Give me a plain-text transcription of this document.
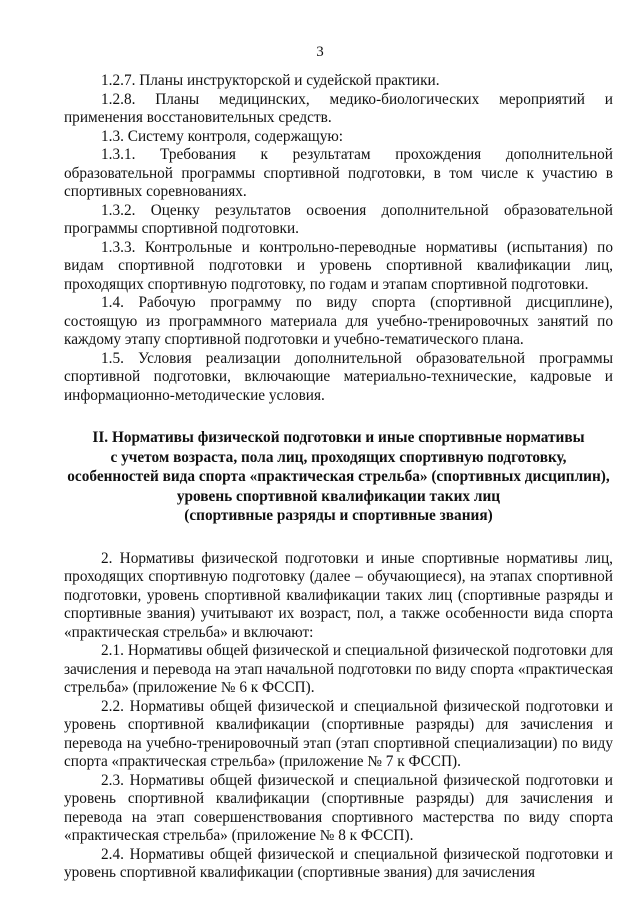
3

1.2.7. Планы инструкторской и судейской практики.

1.2.8. Планы медицинских, медико-биологических мероприятий и применения восстановительных средств.

1.3. Систему контроля, содержащую:

1.3.1. Требования к результатам прохождения дополнительной образовательной программы спортивной подготовки, в том числе к участию в спортивных соревнованиях.

1.3.2. Оценку результатов освоения дополнительной образовательной программы спортивной подготовки.

1.3.3. Контрольные и контрольно-переводные нормативы (испытания) по видам спортивной подготовки и уровень спортивной квалификации лиц, проходящих спортивную подготовку, по годам и этапам спортивной подготовки.

1.4. Рабочую программу по виду спорта (спортивной дисциплине), состоящую из программного материала для учебно-тренировочных занятий по каждому этапу спортивной подготовки и учебно-тематического плана.

1.5. Условия реализации дополнительной образовательной программы спортивной подготовки, включающие материально-технические, кадровые и информационно-методические условия.

II. Нормативы физической подготовки и иные спортивные нормативы
с учетом возраста, пола лиц, проходящих спортивную подготовку,
особенностей вида спорта «практическая стрельба» (спортивных дисциплин),
уровень спортивной квалификации таких лиц
(спортивные разряды и спортивные звания)

2. Нормативы физической подготовки и иные спортивные нормативы лиц, проходящих спортивную подготовку (далее – обучающиеся), на этапах спортивной подготовки, уровень спортивной квалификации таких лиц (спортивные разряды и спортивные звания) учитывают их возраст, пол, а также особенности вида спорта «практическая стрельба» и включают:

2.1. Нормативы общей физической и специальной физической подготовки для зачисления и перевода на этап начальной подготовки по виду спорта «практическая стрельба» (приложение № 6 к ФССП).

2.2. Нормативы общей физической и специальной физической подготовки и уровень спортивной квалификации (спортивные разряды) для зачисления и перевода на учебно-тренировочный этап (этап спортивной специализации) по виду спорта «практическая стрельба» (приложение № 7 к ФССП).

2.3. Нормативы общей физической и специальной физической подготовки и уровень спортивной квалификации (спортивные разряды) для зачисления и перевода на этап совершенствования спортивного мастерства по виду спорта «практическая стрельба» (приложение № 8 к ФССП).

2.4. Нормативы общей физической и специальной физической подготовки и уровень спортивной квалификации (спортивные звания) для зачисления
